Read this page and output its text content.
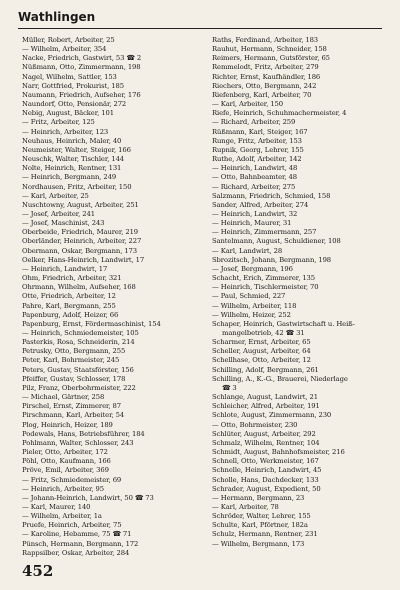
Wathlingen
Müller, Robert, Arbeiter, 25
— Wilhelm, Arbeiter, 354
Nacke, Friedrich, Gastwirt, 53 ☎ 2
Nüßmann, Otto, Zimmermann, 198
Nagel, Wilhelm, Sattler, 153
Narr, Gottfried, Prokurist, 185
Naumann, Friedrich, Aufseher, 176
Naundorf, Otto, Pensionär, 272
Nebig, August, Bäcker, 101
— Fritz, Arbeiter, 125
— Heinrich, Arbeiter, 123
Neuhaus, Heinrich, Maler, 40
Neumeister, Walter, Steiger, 166
Neuschk, Walter, Tischler, 144
Nolte, Heinrich, Rentner, 131
— Heinrich, Bergmann, 249
Nordhausen, Fritz, Arbeiter, 150
— Karl, Arbeiter, 25
Nuschtowny, August, Arbeiter, 251
— Josef, Arbeiter, 241
— Josef, Maschinist, 243
Oberbeide, Friedrich, Maurer, 219
Oberländer, Heinrich, Arbeiter, 227
Obermann, Oskar, Bergmann, 173
Oelker, Hans-Heinrich, Landwirt, 17
— Heinrich, Landwirt, 17
Ohm, Friedrich, Arbeiter, 321
Ohrmann, Wilhelm, Aufseher, 168
Otte, Friedrich, Arbeiter, 12
Pahre, Karl, Bergmann, 255
Papenburg, Adolf, Heizer, 66
Papenburg, Ernst, Fördermaschinist, 154
— Heinrich, Schmiedemeister, 105
Pasterkis, Rosa, Schneiderin, 214
Petrusky, Otto, Bergmann, 255
Peter, Karl, Bohrmeister, 245
Peters, Gustav, Staatsförster, 156
Pfeiffer, Gustav, Schlosser, 178
Pilz, Franz, Oberbohrmeister, 222
— Michael, Gärtner, 258
Pirschel, Ernst, Zimmerer, 87
Pirschmann, Karl, Arbeiter, 54
Plog, Heinrich, Heizer, 189
Podewals, Hans, Betriebsführer, 184
Pohlmann, Walter, Schlosser, 243
Pieler, Otto, Arbeiter, 172
Pöhl, Otto, Kaufmann, 166
Pröve, Emil, Arbeiter, 369
— Fritz, Schmiedemeister, 69
— Heinrich, Arbeiter, 95
— Johann-Heinrich, Landwirt, 50 ☎ 73
— Karl, Maurer, 140
— Wilhelm, Arbeiter, 1a
Pruefe, Heinrich, Arbeiter, 75
— Karoline, Hebamme, 75 ☎ 71
Pünsch, Hermann, Bergmann, 172
Rappsilber, Oskar, Arbeiter, 284
Raths, Ferdinand, Arbeiter, 183
Rauhut, Hermann, Schneider, 158
Reimers, Hermann, Gutsförster, 65
Remmelodt, Fritz, Arbeiter, 279
Richter, Ernst, Kaufhändler, 186
Riechers, Otto, Bergmann, 242
Riefenberg, Karl, Arbeiter, 70
— Karl, Arbeiter, 150
Riefe, Heinrich, Schuhmachermeister, 4
— Richard, Arbeiter, 259
Rüßmann, Karl, Steiger, 167
Runge, Fritz, Arbeiter, 153
Rupnik, Georg, Lehrer, 155
Ruthe, Adolf, Arbeiter, 142
— Heinrich, Landwirt, 48
— Otto, Bahnbeamter, 48
— Richard, Arbeiter, 275
Salzmann, Friedrich, Schmied, 158
Sander, Alfred, Arbeiter, 274
— Heinrich, Landwirt, 32
— Heinrich, Maurer, 31
— Heinrich, Zimmermann, 257
Santelmann, August, Schuldiener, 108
— Karl, Landwirt, 28
Sbrozitsch, Johann, Bergmann, 198
— Josef, Bergmann, 196
Schacht, Erich, Zimmerer, 135
— Heinrich, Tischlermeister, 70
— Paul, Schmied, 227
— Wilhelm, Arbeiter, 118
— Wilhelm, Heizer, 252
Schaper, Heinrich, Gastwirtschaft u. Heiß-
mangelbetrieb, 42 ☎ 31
Scharmer, Ernst, Arbeiter, 65
Scheller, August, Arbeiter, 64
Schellhase, Otto, Arbeiter, 12
Schilling, Adolf, Bergmann, 261
Schilling, A., K.-G., Brauerei, Niederlage
☎ 3
Schlange, August, Landwirt, 21
Schleicher, Alfred, Arbeiter, 191
Schlote, August, Zimmermann, 230
— Otto, Bohrmeister, 230
Schlüter, August, Arbeiter, 292
Schmalz, Wilhelm, Rentner, 104
Schmidt, August, Bahnhofsmeister, 216
Schnell, Otto, Werkmeister, 167
Schnelle, Heinrich, Landwirt, 45
Scholle, Hans, Dachdecker, 133
Schrader, August, Expedient, 50
— Hermann, Bergmann, 23
— Karl, Arbeiter, 78
Schröder, Walter, Lehrer, 155
Schulte, Karl, Pförtner, 182a
Schulz, Hermann, Rentner, 231
— Wilhelm, Bergmann, 173
452
